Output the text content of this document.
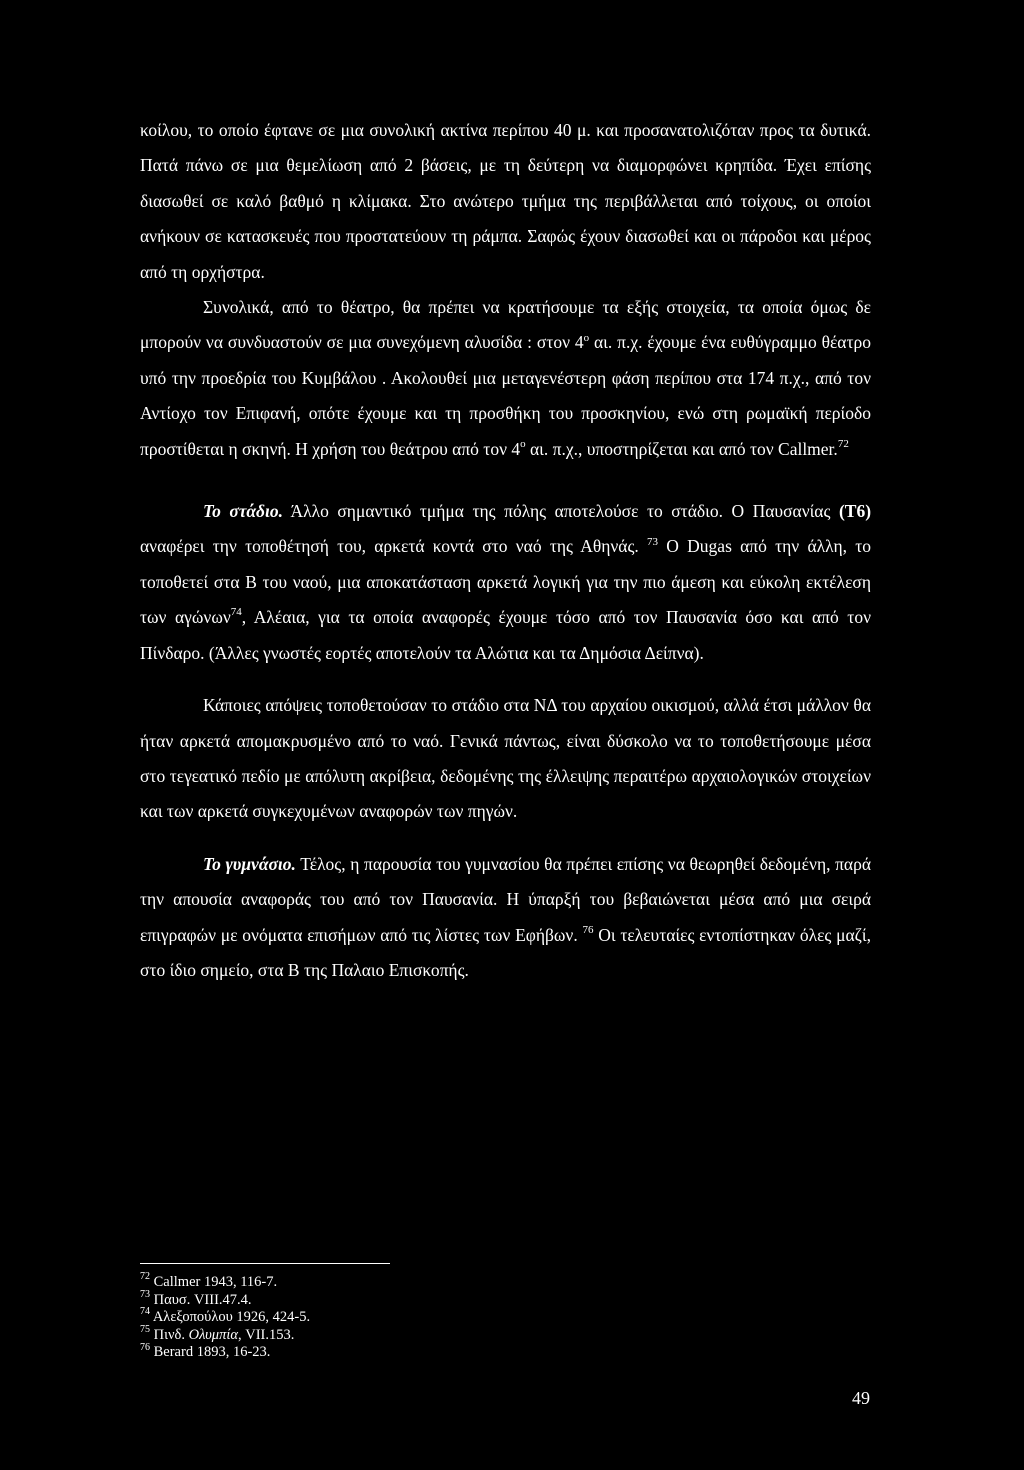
κοίλου, το οποίο έφτανε σε μια συνολική ακτίνα περίπου 40 μ. και προσανατολιζόταν προς τα δυτικά. Πατά πάνω σε μια θεμελίωση από 2 βάσεις, με τη δεύτερη να διαμορφώνει κρηπίδα. Έχει επίσης διασωθεί σε καλό βαθμό η κλίμακα. Στο ανώτερο τμήμα της περιβάλλεται από τοίχους, οι οποίοι ανήκουν σε κατασκευές που προστατεύουν τη ράμπα. Σαφώς έχουν διασωθεί και οι πάροδοι και μέρος από τη ορχήστρα.

Συνολικά, από το θέατρο, θα πρέπει να κρατήσουμε τα εξής στοιχεία, τα οποία όμως δε μπορούν να συνδυαστούν σε μια συνεχόμενη αλυσίδα : στον $4^o$ αι. π.χ. έχουμε ένα ευθύγραμμο θέατρο υπό την προεδρία του Κυμβάλου . Ακολουθεί μια μεταγενέστερη φάση περίπου στα 174 π.χ., από τον Αντίοχο τον Επιφανή, οπότε έχουμε και τη προσθήκη του προσκηνίου, ενώ στη ρωμαϊκή περίοδο προστίθεται η σκηνή. Η χρήση του θεάτρου από τον $4^o$ αι. π.χ., υποστηρίζεται και από τον Callmer.$^{72}$

Το στάδιο. Άλλο σημαντικό τμήμα της πόλης αποτελούσε το στάδιο. Ο Παυσανίας (Τ6) αναφέρει την τοποθέτησή του, αρκετά κοντά στο ναό της Αθηνάς. $^{73}$ Ο Dugas από την άλλη, το τοποθετεί στα Β του ναού, μια αποκατάσταση αρκετά λογική για την πιο άμεση και εύκολη εκτέλεση των αγώνων$^{74}$, Αλέαια, για τα οποία αναφορές έχουμε τόσο από τον Παυσανία όσο και από τον Πίνδαρο. (Άλλες γνωστές εορτές αποτελούν τα Αλώτια και τα Δημόσια Δείπνα).

Κάποιες απόψεις τοποθετούσαν το στάδιο στα ΝΔ του αρχαίου οικισμού, αλλά έτσι μάλλον θα ήταν αρκετά απομακρυσμένο από το ναό. Γενικά πάντως, είναι δύσκολο να το τοποθετήσουμε μέσα στο τεγεατικό πεδίο με απόλυτη ακρίβεια, δεδομένης της έλλειψης περαιτέρω αρχαιολογικών στοιχείων και των αρκετά συγκεχυμένων αναφορών των πηγών.

Το γυμνάσιο. Τέλος, η παρουσία του γυμνασίου θα πρέπει επίσης να θεωρηθεί δεδομένη, παρά την απουσία αναφοράς του από τον Παυσανία. Η ύπαρξή του βεβαιώνεται μέσα από μια σειρά επιγραφών με ονόματα επισήμων από τις λίστες των Εφήβων. $^{76}$ Οι τελευταίες εντοπίστηκαν όλες μαζί, στο ίδιο σημείο, στα Β της Παλαιο Επισκοπής.

$^{72}$ Callmer 1943, 116-7.
$^{73}$ Παυσ. VIII.47.4.
$^{74}$ Αλεξοπούλου 1926, 424-5.
$^{75}$ Πινδ. Ολυμπία, VII.153.
$^{76}$ Berard 1893, 16-23.
49
